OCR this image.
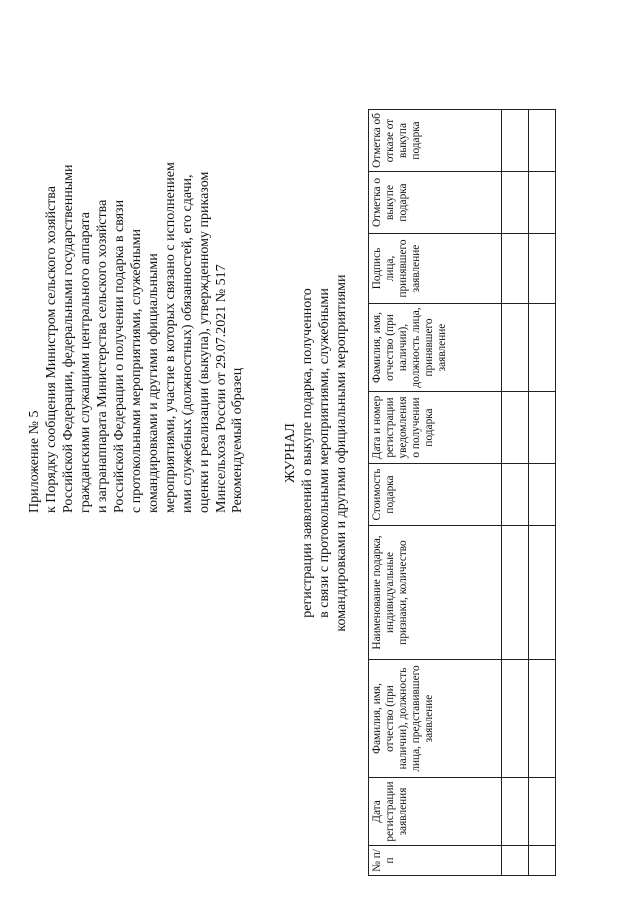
Приложение № 5 к Порядку сообщения Министром сельского хозяйства Российской Федерации, федеральными государственными гражданскими служащими центрального аппарата и загранаппарата Министерства сельского хозяйства Российской Федерации о получении подарка в связи с протокольными мероприятиями, служебными командировками и другими официальными мероприятиями, участие в которых связано с исполнением ими служебных (должностных) обязанностей, его сдачи, оценки и реализации (выкупа), утвержденному приказом Минсельхоза России от 29.07.2021 № 517 Рекомендуемый образец	ЖУРНАЛ регистрации заявлений о выкупе подарка, полученного в связи с протокольными мероприятиями, служебными командировками и другими официальными мероприятиями
№ п/п	Дата регистрации заявления	Фамилия, имя, отчество (при наличии), должность лица, представившего заявление	Наименование подарка, индивидуальные признаки, количество	Стоимость подарка	Дата и номер регистрации уведомления о получении подарка	Фамилия, имя, отчество (при наличии), должность лица, принявшего заявление	Подпись лица, принявшего заявление	Отметка о выкупе подарка	Отметка об отказе от выкупа подарка
